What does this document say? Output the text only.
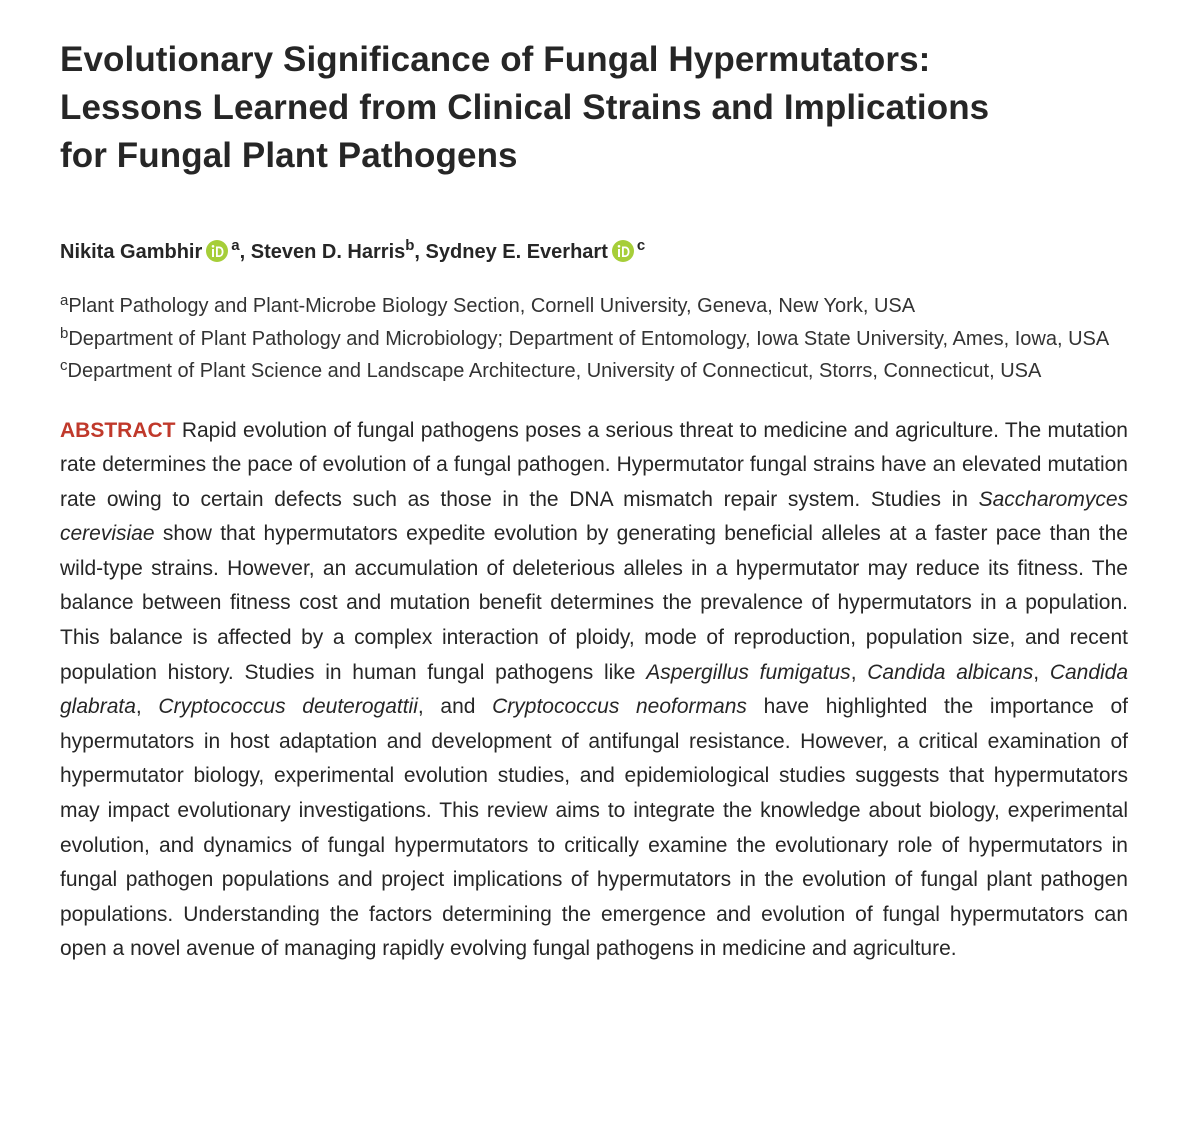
Evolutionary Significance of Fungal Hypermutators:
Lessons Learned from Clinical Strains and Implications
for Fungal Plant Pathogens
Nikita Gambhir $^a$, Steven D. Harris$^b$, Sydney E. Everhart $^c$
$^a$Plant Pathology and Plant-Microbe Biology Section, Cornell University, Geneva, New York, USA
$^b$Department of Plant Pathology and Microbiology; Department of Entomology, Iowa State University, Ames, Iowa, USA
$^c$Department of Plant Science and Landscape Architecture, University of Connecticut, Storrs, Connecticut, USA

ABSTRACT Rapid evolution of fungal pathogens poses a serious threat to medicine and agriculture. The mutation rate determines the pace of evolution of a fungal pathogen. Hypermutator fungal strains have an elevated mutation rate owing to certain defects such as those in the DNA mismatch repair system. Studies in Saccharomyces cerevisiae show that hypermutators expedite evolution by generating beneficial alleles at a faster pace than the wild-type strains. However, an accumulation of deleterious alleles in a hypermutator may reduce its fitness. The balance between fitness cost and mutation benefit determines the prevalence of hypermutators in a population. This balance is affected by a complex interaction of ploidy, mode of reproduction, population size, and recent population history. Studies in human fungal pathogens like Aspergillus fumigatus, Candida albicans, Candida glabrata, Cryptococcus deuterogattii, and Cryptococcus neoformans have highlighted the importance of hypermutators in host adaptation and development of antifungal resistance. However, a critical examination of hypermutator biology, experimental evolution studies, and epidemiological studies suggests that hypermutators may impact evolutionary investigations. This review aims to integrate the knowledge about biology, experimental evolution, and dynamics of fungal hypermutators to critically examine the evolutionary role of hypermutators in fungal pathogen populations and project implications of hypermutators in the evolution of fungal plant pathogen populations. Understanding the factors determining the emergence and evolution of fungal hypermutators can open a novel avenue of managing rapidly evolving fungal pathogens in medicine and agriculture.
